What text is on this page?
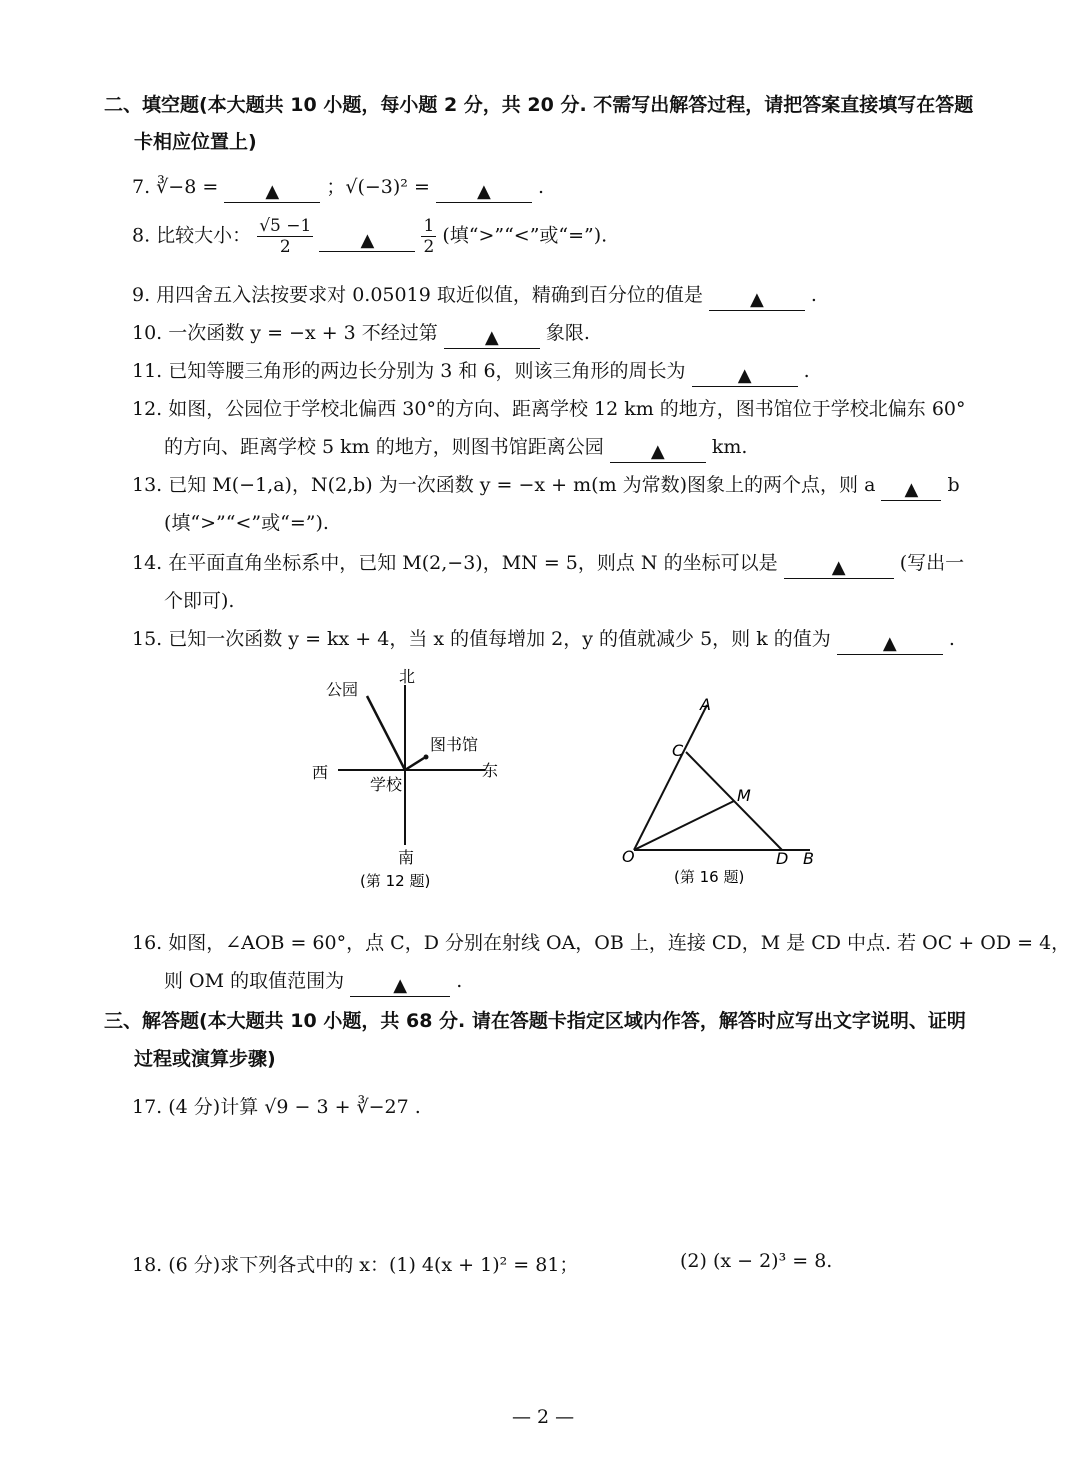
二、填空题(本大题共 10 小题，每小题 2 分，共 20 分. 不需写出解答过程，请把答案直接填写在答题
卡相应位置上)
7. ∛−8 =	▲ ；√(−3)² =	▲ .
8. 比较大小： $\frac{√5 -1}{2}$	▲	$\frac{1}{2}$ (填“>”“<”或“=”).
9. 用四舍五入法按要求对 0.05019 取近似值，精确到百分位的值是	▲ .
10. 一次函数 y = −x + 3 不经过第	▲ 象限.
11. 已知等腰三角形的两边长分别为 3 和 6，则该三角形的周长为	▲	.
12. 如图，公园位于学校北偏西 30°的方向、距离学校 12 km 的地方，图书馆位于学校北偏东 60°
的方向、距离学校 5 km 的地方，则图书馆距离公园	▲ km.
13. 已知 M(−1,a)，N(2,b) 为一次函数 y = −x + m(m 为常数)图象上的两个点，则 a ▲ b
(填“>”“<”或“=”).
14. 在平面直角坐标系中，已知 M(2,−3)，MN = 5，则点 N 的坐标可以是	▲	(写出一
个即可).
15. 已知一次函数 y = kx + 4，当 x 的值每增加 2，y 的值就减少 5，则 k 的值为	▲	.
北
南
西	东
公园
图书馆
学校
(第 12 题)
A
C
M
O	D B
(第 16 题)
16. 如图，∠AOB = 60°，点 C，D 分别在射线 OA，OB 上，连接 CD，M 是 CD 中点. 若 OC + OD = 4，
则 OM 的取值范围为	▲	.
三、解答题(本大题共 10 小题，共 68 分. 请在答题卡指定区域内作答，解答时应写出文字说明、证明
过程或演算步骤)
17. (4 分)计算 √9 − 3 + ∛−27 .
18. (6 分)求下列各式中的 x：(1) 4(x + 1)² = 81；	(2) (x − 2)³ = 8.
— 2 —
